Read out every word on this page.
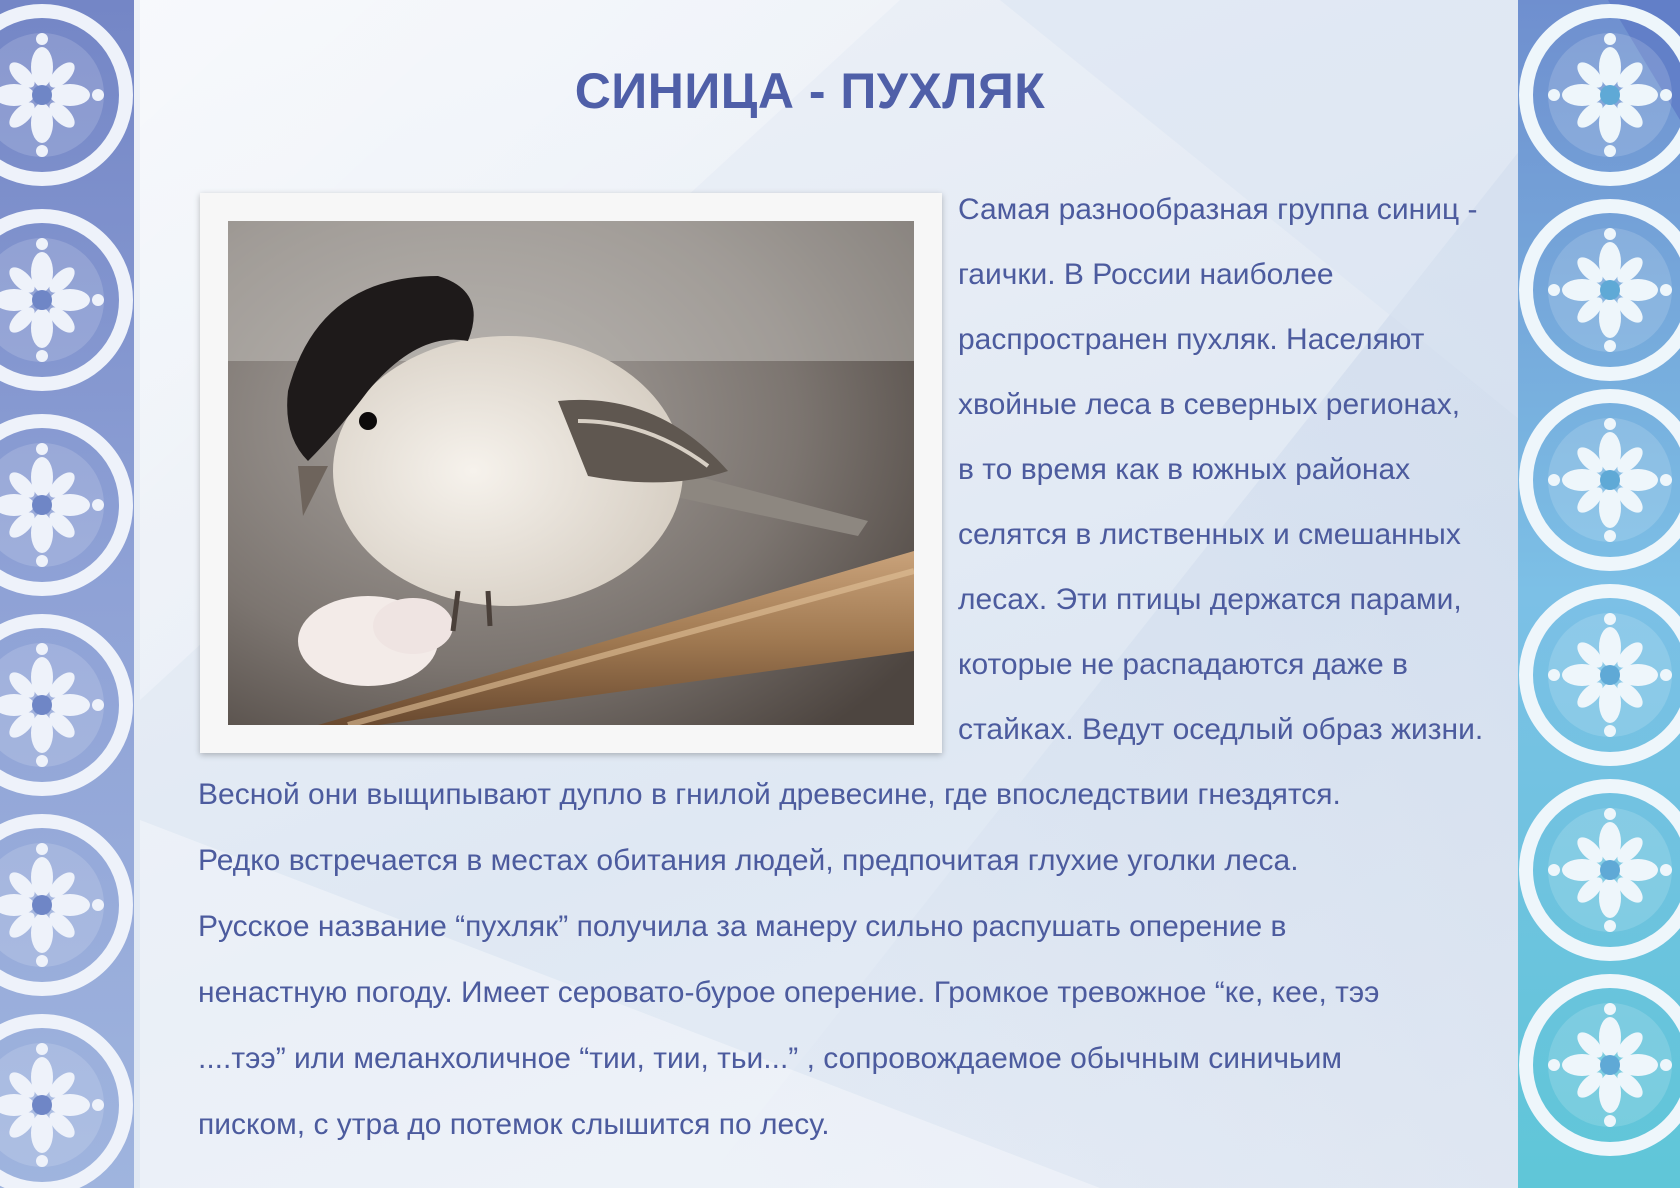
СИНИЦА - ПУХЛЯК
Самая разнообразная группа синиц -
гаички. В России наиболее
распространен пухляк. Населяют
хвойные леса в северных регионах,
в то время как в южных районах
селятся в лиственных и смешанных
лесах. Эти птицы держатся парами,
которые не распадаются даже в
стайках. Ведут оседлый образ жизни.
Весной они выщипывают дупло в гнилой древесине, где впоследствии гнездятся.
Редко встречается в местах обитания людей, предпочитая глухие уголки леса.
Русское название “пухляк” получила за манеру сильно распушать оперение в
ненастную погоду. Имеет серовато-бурое оперение. Громкое тревожное “ке, кее, тээ
....тээ” или меланхоличное “тии, тии, тьи...” , сопровождаемое обычным синичьим
писком, с утра до потемок слышится по лесу.
